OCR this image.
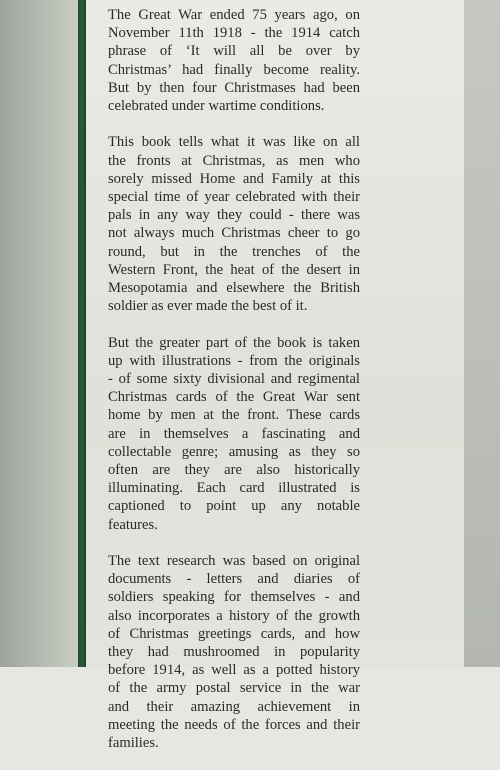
The Great War ended 75 years ago, on
November 11th 1918 - the 1914 catch
phrase of ‘It will all be over by
Christmas’ had finally become reality.
But by then four Christmases had been
celebrated under wartime conditions.

This book tells what it was like on all
the fronts at Christmas, as men who
sorely missed Home and Family at this
special time of year celebrated with their
pals in any way they could - there was
not always much Christmas cheer to go
round, but in the trenches of the
Western Front, the heat of the desert in
Mesopotamia and elsewhere the British
soldier as ever made the best of it.

But the greater part of the book is taken
up with illustrations - from the originals
- of some sixty divisional and regimental
Christmas cards of the Great War sent
home by men at the front. These cards
are in themselves a fascinating and
collectable genre; amusing as they so
often are they are also historically
illuminating. Each card illustrated is
captioned to point up any notable
features.

The text research was based on original
documents - letters and diaries of
soldiers speaking for themselves - and
also incorporates a history of the growth
of Christmas greetings cards, and how
they had mushroomed in popularity
before 1914, as well as a potted history
of the army postal service in the war
and their amazing achievement in
meeting the needs of the forces and their
families.
